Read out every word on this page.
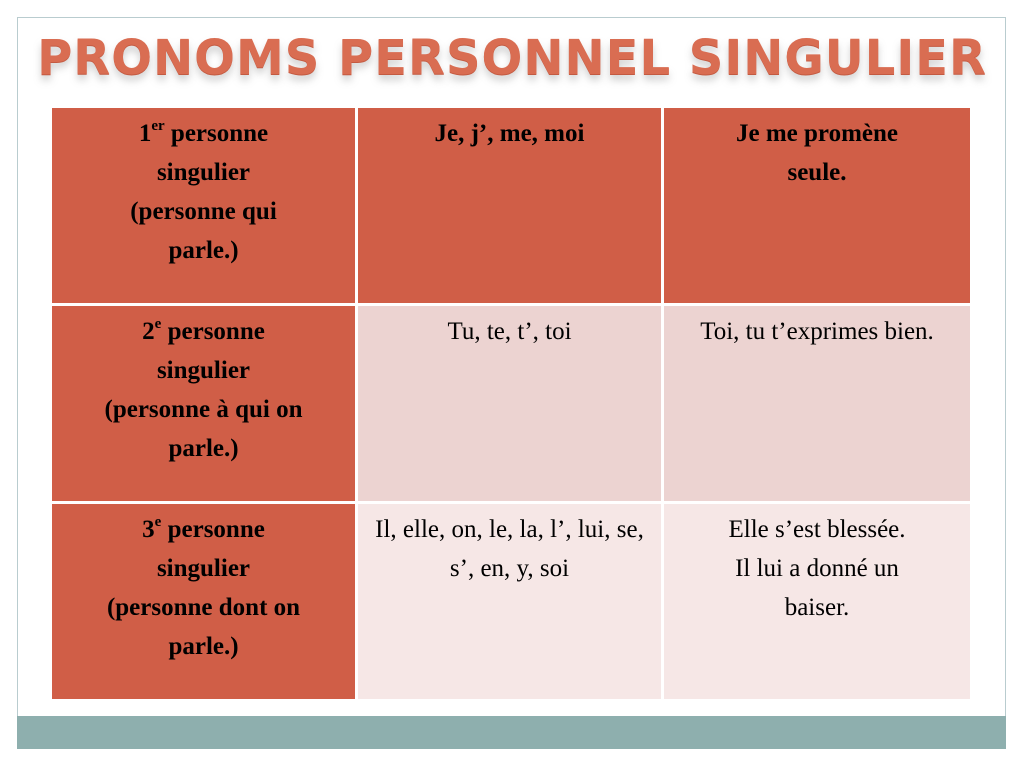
PRONOMS PERSONNEL SINGULIER
1er personne
singulier
(personne qui
parle.)
Je, j’, me, moi	Je me promène
seule.
2e personne
singulier
(personne à qui on
parle.)
Tu, te, t’, toi	Toi, tu t’exprimes bien.
3e personne
singulier
(personne dont on
parle.)
Il, elle, on, le, la, l’, lui, se, s’, en, y, soi
Elle s’est blessée.
Il lui a donné un
baiser.
